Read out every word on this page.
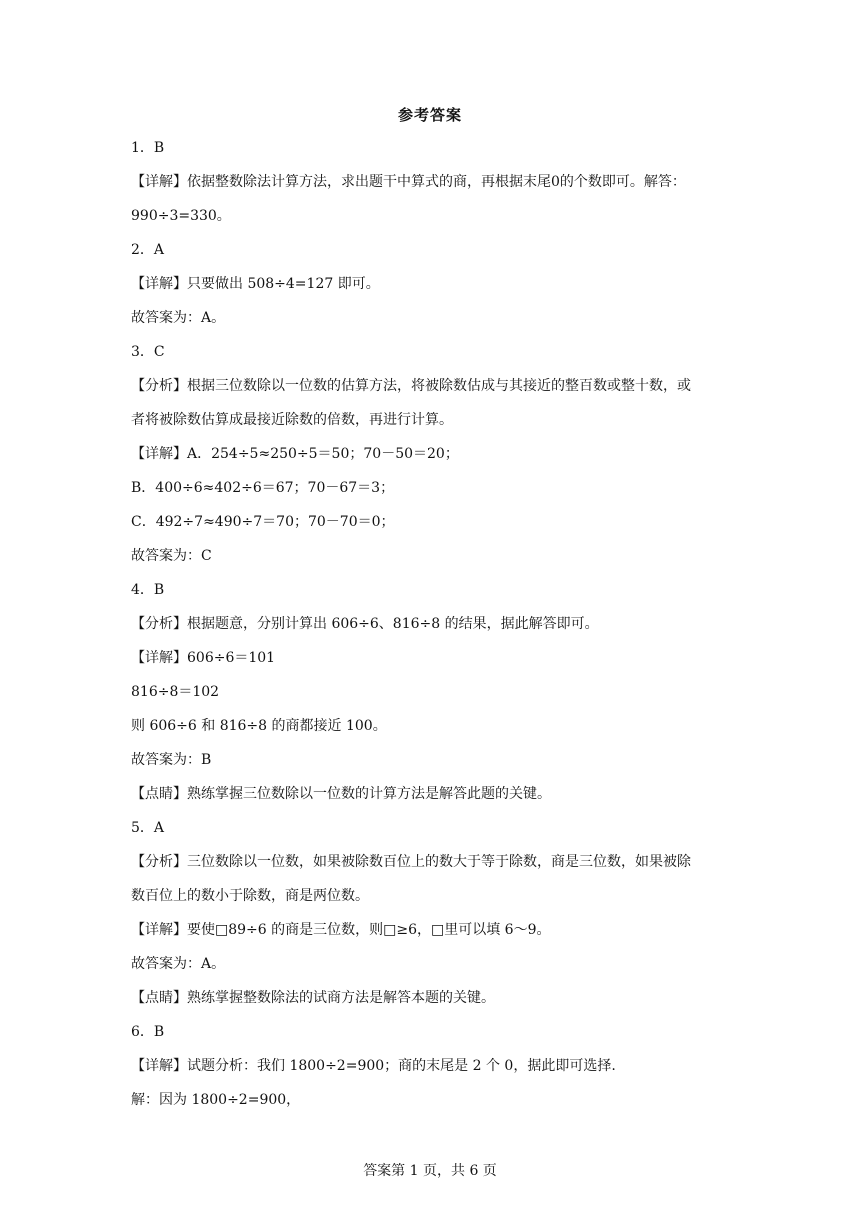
参考答案
1．B
【详解】依据整数除法计算方法，求出题干中算式的商，再根据末尾0的个数即可。解答：
990÷3=330。
2．A
【详解】只要做出 508÷4=127 即可。
故答案为：A。
3．C
【分析】根据三位数除以一位数的估算方法，将被除数估成与其接近的整百数或整十数，或
者将被除数估算成最接近除数的倍数，再进行计算。
【详解】A．254÷5≈250÷5＝50；70－50＝20；
B．400÷6≈402÷6＝67；70－67＝3；
C．492÷7≈490÷7＝70；70－70＝0；
故答案为：C
4．B
【分析】根据题意，分别计算出 606÷6、816÷8 的结果，据此解答即可。
【详解】606÷6＝101
816÷8＝102
则 606÷6 和 816÷8 的商都接近 100。
故答案为：B
【点睛】熟练掌握三位数除以一位数的计算方法是解答此题的关键。
5．A
【分析】三位数除以一位数，如果被除数百位上的数大于等于除数，商是三位数，如果被除
数百位上的数小于除数，商是两位数。
【详解】要使□89÷6 的商是三位数，则□≥6，□里可以填 6～9。
故答案为：A。
【点睛】熟练掌握整数除法的试商方法是解答本题的关键。
6．B
【详解】试题分析：我们 1800÷2=900；商的末尾是 2 个 0，据此即可选择.
解：因为 1800÷2=900，
答案第 1 页，共 6 页
